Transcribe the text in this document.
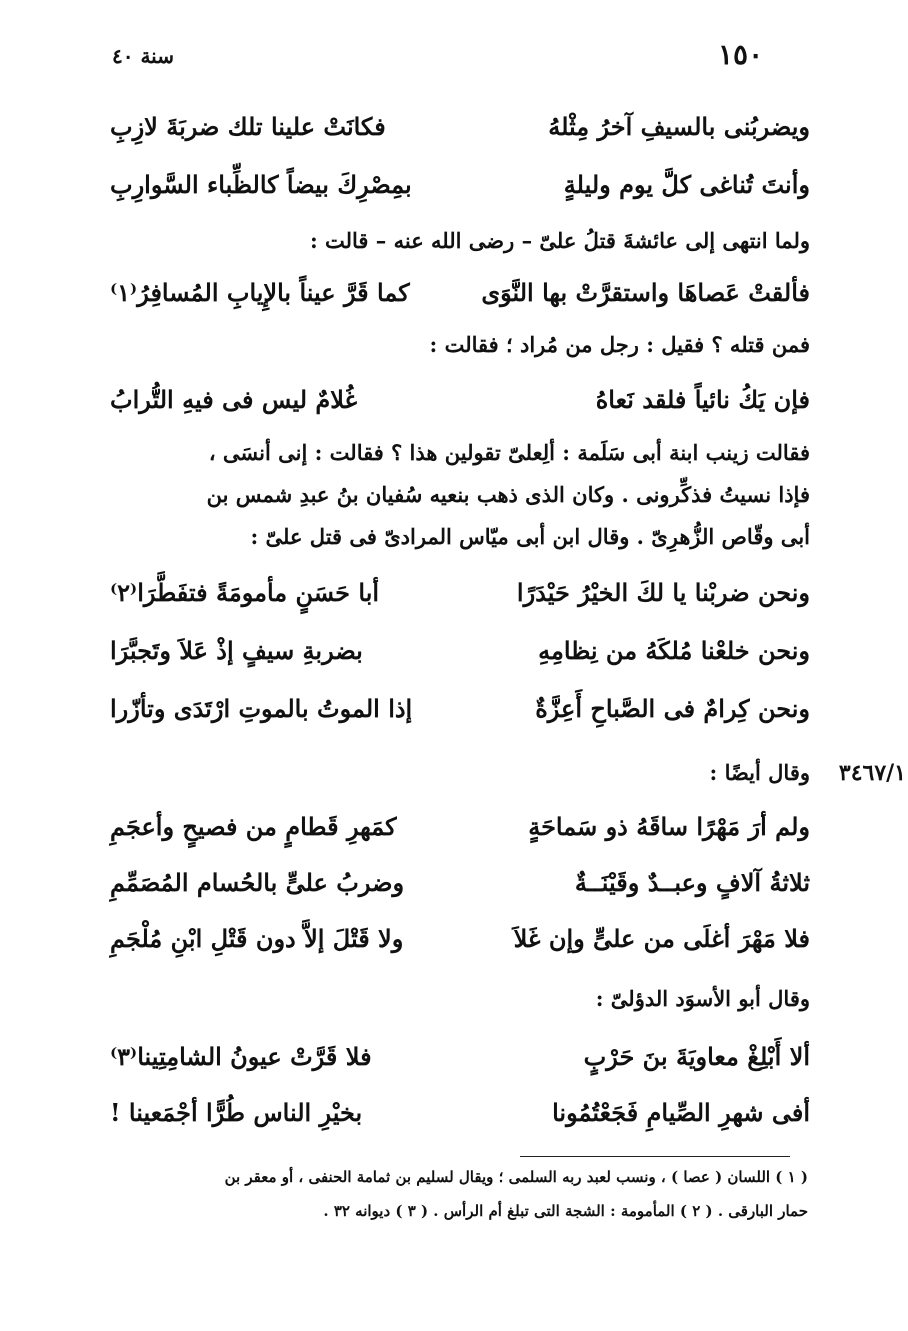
١٥٠
سنة ٤٠
٣٤٦٧/١
ويضربُنى بالسيفِ آخرُ مِثْلهُ
فكانَتْ علينا تلك ضربَةَ لازِبِ
وأنتَ تُناغى كلَّ يوم وليلةٍ
بمِصْرِكَ بيضاً كالظِّباء السَّوارِبِ
ولما انتهى إلى عائشةَ قتلُ علىّ – رضى الله عنه – قالت :
فألقتْ عَصاهَا واستقرَّتْ بها النَّوَى
كما قَرَّ عيناً بالإِيابِ المُسافِرُ⁽١⁾
فمن قتله ؟ فقيل : رجل من مُراد ؛ فقالت :
فإن يَكُ نائياً فلقد نَعاهُ
غُلامٌ ليس فى فيهِ التُّرابُ
فقالت زينب ابنة أبى سَلَمة : ألِعلىّ تقولين هذا ؟ فقالت : إنى أنسَى ،
فإذا نسيتُ فذكِّرونى . وكان الذى ذهب بنعيه سُفيان بنُ عبدِ شمس بن
أبى وقّاص الزُّهرِىّ . وقال ابن أبى ميّاس المرادىّ فى قتل علىّ :
ونحن ضربْنا يا لكَ الخيْرُ حَيْدَرًا
أبا حَسَنٍ مأمومَةً فتفَطَّرَا⁽٢⁾
ونحن خلعْنا مُلكَهُ من نِظامِهِ
بضربةِ سيفٍ إذْ عَلاَ وتَجبَّرَا
ونحن كِرامٌ فى الصَّباحِ أَعِزَّةٌ
إذا الموتُ بالموتِ ارْتَدَى وتأزّرا
وقال أيضًا :
ولم أرَ مَهْرًا ساقَهُ ذو سَماحَةٍ
كمَهرِ قَطامٍ من فصيحٍ وأعجَمِ
ثلاثةُ آلافٍ وعبــدٌ وقَيْنَــةٌ
وضربُ علىٍّ بالحُسام المُصَمِّمِ
فلا مَهْرَ أغلَى من علىٍّ وإن غَلاَ
ولا قَتْلَ إلاَّ دون قَتْلِ ابْنِ مُلْجَمِ
وقال أبو الأسوَد الدؤلىّ :
ألا أَبْلِغْ معاويَةَ بنَ حَرْبٍ
فلا قَرَّتْ عيونُ الشامِتِينا⁽٣⁾
أفى شهرِ الصِّيامِ فَجَعْتُمُونا
بخيْرِ الناس طُرًّا أجْمَعينا !
( ١ ) اللسان ( عصا ) ، ونسب لعبد ربه السلمى ؛ ويقال لسليم بن ثمامة الحنفى ، أو معقر بن
حمار البارقى . ( ٢ ) المأمومة : الشجة التى تبلغ أم الرأس . ( ٣ ) ديوانه ٣٢ .
